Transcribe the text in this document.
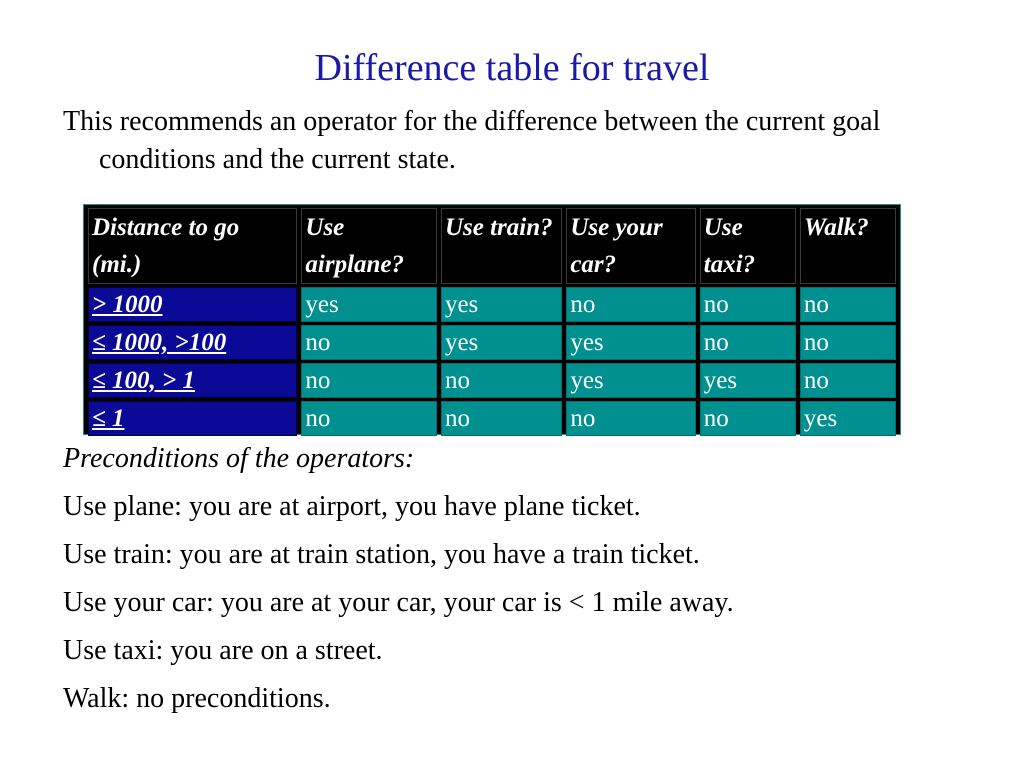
Difference table for travel

This recommends an operator for the difference between the current goal conditions and the current state.

Distance to go (mi.)	Use airplane?	Use train?	Use your car?	Use taxi?	Walk?
> 1000	yes	yes	no	no	no
≤ 1000, >100	no	yes	yes	no	no
≤ 100, > 1	no	no	yes	yes	no
≤ 1	no	no	no	no	yes

Preconditions of the operators:

Use plane: you are at airport, you have plane ticket.
Use train: you are at train station, you have a train ticket.
Use your car: you are at your car, your car is < 1 mile away.
Use taxi: you are on a street.
Walk: no preconditions.
